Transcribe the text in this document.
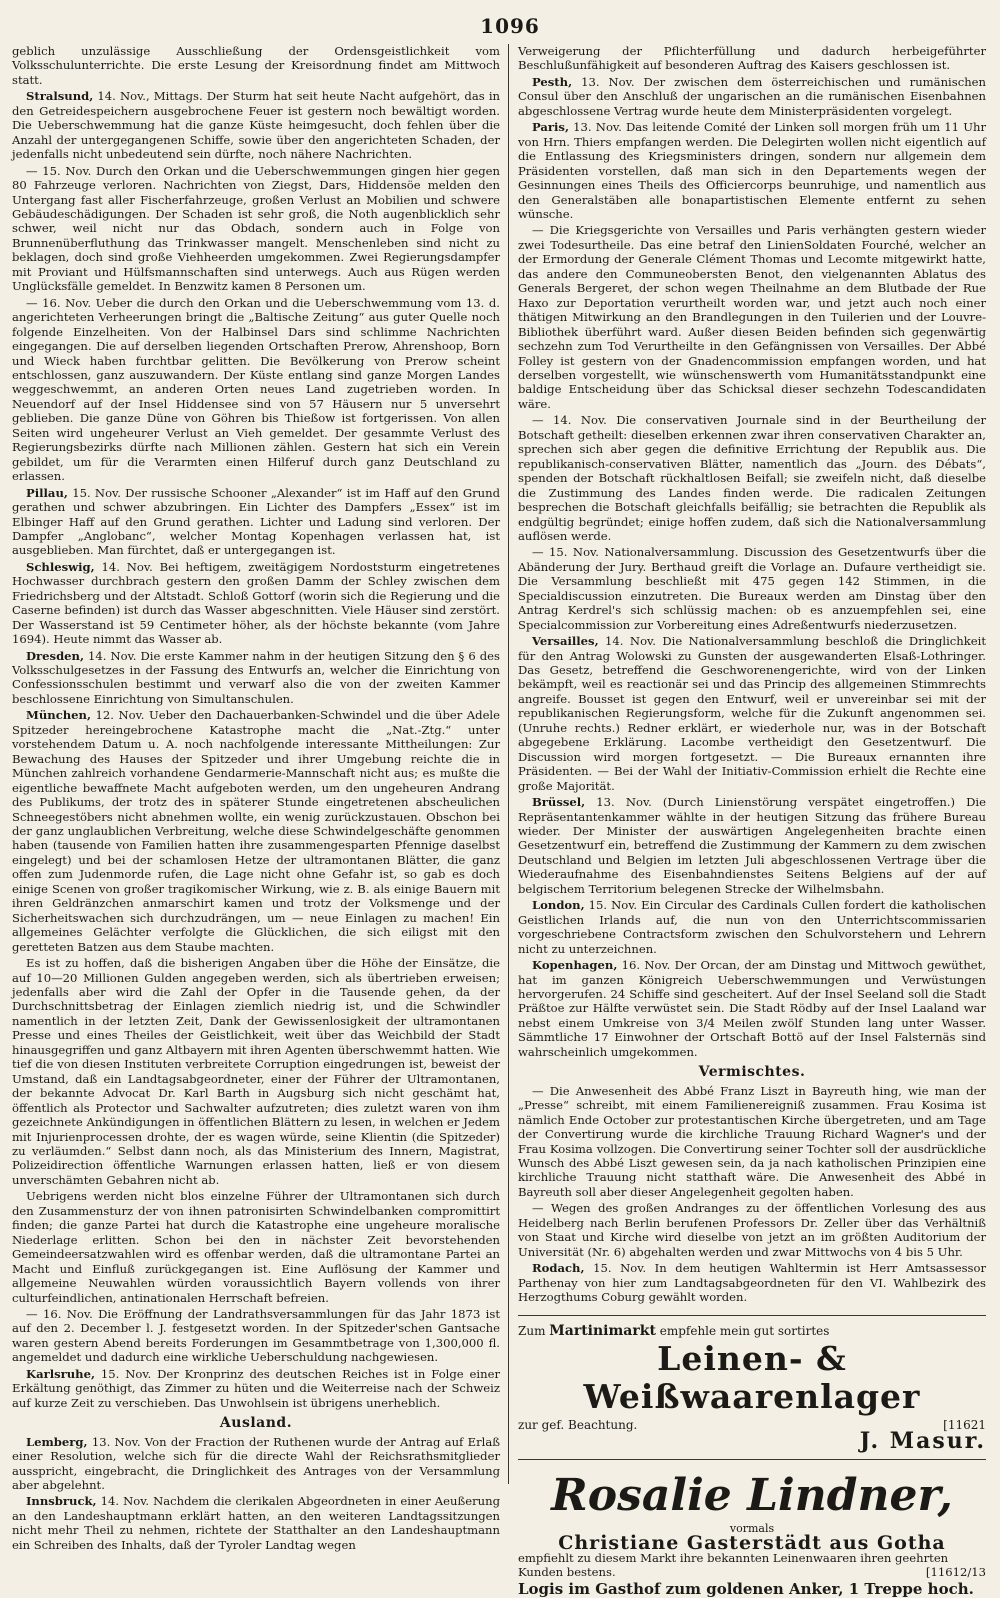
1096

geblich unzulässige Ausschließung der Ordensgeistlichkeit vom Volksschulunterrichte. Die erste Lesung der Kreisordnung findet am Mittwoch statt.

Stralsund, 14. Nov., Mittags. Der Sturm hat seit heute Nacht aufgehört, das in den Getreidespeichern ausgebrochene Feuer ist gestern noch bewältigt worden. Die Ueberschwemmung hat die ganze Küste heimgesucht, doch fehlen über die Anzahl der untergegangenen Schiffe, sowie über den angerichteten Schaden, der jedenfalls nicht unbedeutend sein dürfte, noch nähere Nachrichten.

— 15. Nov. Durch den Orkan und die Ueberschwemmungen gingen hier gegen 80 Fahrzeuge verloren. Nachrichten von Ziegst, Dars, Hiddensöe melden den Untergang fast aller Fischerfahrzeuge, großen Verlust an Mobilien und schwere Gebäudeschädigungen. Der Schaden ist sehr groß, die Noth augenblicklich sehr schwer, weil nicht nur das Obdach, sondern auch in Folge von Brunnenüberfluthung das Trinkwasser mangelt. Menschenleben sind nicht zu beklagen, doch sind große Viehheerden umgekommen. Zwei Regierungsdampfer mit Proviant und Hülfsmannschaften sind unterwegs. Auch aus Rügen werden Unglücksfälle gemeldet. In Benzwitz kamen 8 Personen um.

— 16. Nov. Ueber die durch den Orkan und die Ueberschwemmung vom 13. d. angerichteten Verheerungen bringt die „Baltische Zeitung“ aus guter Quelle noch folgende Einzelheiten. Von der Halbinsel Dars sind schlimme Nachrichten eingegangen. Die auf derselben liegenden Ortschaften Prerow, Ahrenshoop, Born und Wieck haben furchtbar gelitten. Die Bevölkerung von Prerow scheint entschlossen, ganz auszuwandern. Der Küste entlang sind ganze Morgen Landes weggeschwemmt, an anderen Orten neues Land zugetrieben worden. In Neuendorf auf der Insel Hiddensee sind von 57 Häusern nur 5 unversehrt geblieben. Die ganze Düne von Göhren bis Thießow ist fortgerissen. Von allen Seiten wird ungeheurer Verlust an Vieh gemeldet. Der gesammte Verlust des Regierungsbezirks dürfte nach Millionen zählen. Gestern hat sich ein Verein gebildet, um für die Verarmten einen Hilferuf durch ganz Deutschland zu erlassen.

Pillau, 15. Nov. Der russische Schooner „Alexander“ ist im Haff auf den Grund gerathen und schwer abzubringen. Ein Lichter des Dampfers „Essex“ ist im Elbinger Haff auf den Grund gerathen. Lichter und Ladung sind verloren. Der Dampfer „Anglobanc“, welcher Montag Kopenhagen verlassen hat, ist ausgeblieben. Man fürchtet, daß er untergegangen ist.

Schleswig, 14. Nov. Bei heftigem, zweitägigem Nordoststurm eingetretenes Hochwasser durchbrach gestern den großen Damm der Schley zwischen dem Friedrichsberg und der Altstadt. Schloß Gottorf (worin sich die Regierung und die Caserne befinden) ist durch das Wasser abgeschnitten. Viele Häuser sind zerstört. Der Wasserstand ist 59 Centimeter höher, als der höchste bekannte (vom Jahre 1694). Heute nimmt das Wasser ab.

Dresden, 14. Nov. Die erste Kammer nahm in der heutigen Sitzung den § 6 des Volksschulgesetzes in der Fassung des Entwurfs an, welcher die Einrichtung von Confessionsschulen bestimmt und verwarf also die von der zweiten Kammer beschlossene Einrichtung von Simultanschulen.

München, 12. Nov. Ueber den Dachauerbanken-Schwindel und die über Adele Spitzeder hereingebrochene Katastrophe macht die „Nat.-Ztg.“ unter vorstehendem Datum u. A. noch nachfolgende interessante Mittheilungen: Zur Bewachung des Hauses der Spitzeder und ihrer Umgebung reichte die in München zahlreich vorhandene Gendarmerie-Mannschaft nicht aus; es mußte die eigentliche bewaffnete Macht aufgeboten werden, um den ungeheuren Andrang des Publikums, der trotz des in späterer Stunde eingetretenen abscheulichen Schneegestöbers nicht abnehmen wollte, ein wenig zurückzustauen. Obschon bei der ganz unglaublichen Verbreitung, welche diese Schwindelgeschäfte genommen haben (tausende von Familien hatten ihre zusammengesparten Pfennige daselbst eingelegt) und bei der schamlosen Hetze der ultramontanen Blätter, die ganz offen zum Judenmorde rufen, die Lage nicht ohne Gefahr ist, so gab es doch einige Scenen von großer tragikomischer Wirkung, wie z. B. als einige Bauern mit ihren Geldränzchen anmarschirt kamen und trotz der Volksmenge und der Sicherheitswachen sich durchzudrängen, um — neue Einlagen zu machen! Ein allgemeines Gelächter verfolgte die Glücklichen, die sich eiligst mit den geretteten Batzen aus dem Staube machten.

Es ist zu hoffen, daß die bisherigen Angaben über die Höhe der Einsätze, die auf 10—20 Millionen Gulden angegeben werden, sich als übertrieben erweisen; jedenfalls aber wird die Zahl der Opfer in die Tausende gehen, da der Durchschnittsbetrag der Einlagen ziemlich niedrig ist, und die Schwindler namentlich in der letzten Zeit, Dank der Gewissenlosigkeit der ultramontanen Presse und eines Theiles der Geistlichkeit, weit über das Weichbild der Stadt hinausgegriffen und ganz Altbayern mit ihren Agenten überschwemmt hatten. Wie tief die von diesen Instituten verbreitete Corruption eingedrungen ist, beweist der Umstand, daß ein Landtagsabgeordneter, einer der Führer der Ultramontanen, der bekannte Advocat Dr. Karl Barth in Augsburg sich nicht geschämt hat, öffentlich als Protector und Sachwalter aufzutreten; dies zuletzt waren von ihm gezeichnete Ankündigungen in öffentlichen Blättern zu lesen, in welchen er Jedem mit Injurienprocessen drohte, der es wagen würde, seine Klientin (die Spitzeder) zu verläumden.“ Selbst dann noch, als das Ministerium des Innern, Magistrat, Polizeidirection öffentliche Warnungen erlassen hatten, ließ er von diesem unverschämten Gebahren nicht ab.

Uebrigens werden nicht blos einzelne Führer der Ultramontanen sich durch den Zusammensturz der von ihnen patronisirten Schwindelbanken compromittirt finden; die ganze Partei hat durch die Katastrophe eine ungeheure moralische Niederlage erlitten. Schon bei den in nächster Zeit bevorstehenden Gemeindeersatzwahlen wird es offenbar werden, daß die ultramontane Partei an Macht und Einfluß zurückgegangen ist. Eine Auflösung der Kammer und allgemeine Neuwahlen würden voraussichtlich Bayern vollends von ihrer culturfeindlichen, antinationalen Herrschaft befreien.

— 16. Nov. Die Eröffnung der Landrathsversammlungen für das Jahr 1873 ist auf den 2. December l. J. festgesetzt worden. In der Spitzeder'schen Gantsache waren gestern Abend bereits Forderungen im Gesammtbetrage von 1,300,000 fl. angemeldet und dadurch eine wirkliche Ueberschuldung nachgewiesen.

Karlsruhe, 15. Nov. Der Kronprinz des deutschen Reiches ist in Folge einer Erkältung genöthigt, das Zimmer zu hüten und die Weiterreise nach der Schweiz auf kurze Zeit zu verschieben. Das Unwohlsein ist übrigens unerheblich.

Ausland.

Lemberg, 13. Nov. Von der Fraction der Ruthenen wurde der Antrag auf Erlaß einer Resolution, welche sich für die directe Wahl der Reichsrathsmitglieder ausspricht, eingebracht, die Dringlichkeit des Antrages von der Versammlung aber abgelehnt.

Innsbruck, 14. Nov. Nachdem die clerikalen Abgeordneten in einer Aeußerung an den Landeshauptmann erklärt hatten, an den weiteren Landtagssitzungen nicht mehr Theil zu nehmen, richtete der Statthalter an den Landeshauptmann ein Schreiben des Inhalts, daß der Tyroler Landtag wegen

Verweigerung der Pflichterfüllung und dadurch herbeigeführter Beschlußunfähigkeit auf besonderen Auftrag des Kaisers geschlossen ist.

Pesth, 13. Nov. Der zwischen dem österreichischen und rumänischen Consul über den Anschluß der ungarischen an die rumänischen Eisenbahnen abgeschlossene Vertrag wurde heute dem Ministerpräsidenten vorgelegt.

Paris, 13. Nov. Das leitende Comité der Linken soll morgen früh um 11 Uhr von Hrn. Thiers empfangen werden. Die Delegirten wollen nicht eigentlich auf die Entlassung des Kriegsministers dringen, sondern nur allgemein dem Präsidenten vorstellen, daß man sich in den Departements wegen der Gesinnungen eines Theils des Officiercorps beunruhige, und namentlich aus den Generalstäben alle bonapartistischen Elemente entfernt zu sehen wünsche.

— Die Kriegsgerichte von Versailles und Paris verhängten gestern wieder zwei Todesurtheile. Das eine betraf den LinienSoldaten Fourché, welcher an der Ermordung der Generale Clément Thomas und Lecomte mitgewirkt hatte, das andere den Communeobersten Benot, den vielgenannten Ablatus des Generals Bergeret, der schon wegen Theilnahme an dem Blutbade der Rue Haxo zur Deportation verurtheilt worden war, und jetzt auch noch einer thätigen Mitwirkung an den Brandlegungen in den Tuilerien und der Louvre-Bibliothek überführt ward. Außer diesen Beiden befinden sich gegenwärtig sechzehn zum Tod Verurtheilte in den Gefängnissen von Versailles. Der Abbé Folley ist gestern von der Gnadencommission empfangen worden, und hat derselben vorgestellt, wie wünschenswerth vom Humanitätsstandpunkt eine baldige Entscheidung über das Schicksal dieser sechzehn Todescandidaten wäre.

— 14. Nov. Die conservativen Journale sind in der Beurtheilung der Botschaft getheilt: dieselben erkennen zwar ihren conservativen Charakter an, sprechen sich aber gegen die definitive Errichtung der Republik aus. Die republikanisch-conservativen Blätter, namentlich das „Journ. des Débats“, spenden der Botschaft rückhaltlosen Beifall; sie zweifeln nicht, daß dieselbe die Zustimmung des Landes finden werde. Die radicalen Zeitungen besprechen die Botschaft gleichfalls beifällig; sie betrachten die Republik als endgültig begründet; einige hoffen zudem, daß sich die Nationalversammlung auflösen werde.

— 15. Nov. Nationalversammlung. Discussion des Gesetzentwurfs über die Abänderung der Jury. Berthaud greift die Vorlage an. Dufaure vertheidigt sie. Die Versammlung beschließt mit 475 gegen 142 Stimmen, in die Specialdiscussion einzutreten. Die Bureaux werden am Dinstag über den Antrag Kerdrel's sich schlüssig machen: ob es anzuempfehlen sei, eine Specialcommission zur Vorbereitung eines Adreßentwurfs niederzusetzen.

Versailles, 14. Nov. Die Nationalversammlung beschloß die Dringlichkeit für den Antrag Wolowski zu Gunsten der ausgewanderten Elsaß-Lothringer. Das Gesetz, betreffend die Geschworenengerichte, wird von der Linken bekämpft, weil es reactionär sei und das Princip des allgemeinen Stimmrechts angreife. Bousset ist gegen den Entwurf, weil er unvereinbar sei mit der republikanischen Regierungsform, welche für die Zukunft angenommen sei. (Unruhe rechts.) Redner erklärt, er wiederhole nur, was in der Botschaft abgegebene Erklärung. Lacombe vertheidigt den Gesetzentwurf. Die Discussion wird morgen fortgesetzt. — Die Bureaux ernannten ihre Präsidenten. — Bei der Wahl der Initiativ-Commission erhielt die Rechte eine große Majorität.

Brüssel, 13. Nov. (Durch Linienstörung verspätet eingetroffen.) Die Repräsentantenkammer wählte in der heutigen Sitzung das frühere Bureau wieder. Der Minister der auswärtigen Angelegenheiten brachte einen Gesetzentwurf ein, betreffend die Zustimmung der Kammern zu dem zwischen Deutschland und Belgien im letzten Juli abgeschlossenen Vertrage über die Wiederaufnahme des Eisenbahndienstes Seitens Belgiens auf der auf belgischem Territorium belegenen Strecke der Wilhelmsbahn.

London, 15. Nov. Ein Circular des Cardinals Cullen fordert die katholischen Geistlichen Irlands auf, die nun von den Unterrichtscommissarien vorgeschriebene Contractsform zwischen den Schulvorstehern und Lehrern nicht zu unterzeichnen.

Kopenhagen, 16. Nov. Der Orcan, der am Dinstag und Mittwoch gewüthet, hat im ganzen Königreich Ueberschwemmungen und Verwüstungen hervorgerufen. 24 Schiffe sind gescheitert. Auf der Insel Seeland soll die Stadt Präßtoe zur Hälfte verwüstet sein. Die Stadt Rödby auf der Insel Laaland war nebst einem Umkreise von 3/4 Meilen zwölf Stunden lang unter Wasser. Sämmtliche 17 Einwohner der Ortschaft Bottö auf der Insel Falsternäs sind wahrscheinlich umgekommen.

Vermischtes.

— Die Anwesenheit des Abbé Franz Liszt in Bayreuth hing, wie man der „Presse“ schreibt, mit einem Familienereigniß zusammen. Frau Kosima ist nämlich Ende October zur protestantischen Kirche übergetreten, und am Tage der Convertirung wurde die kirchliche Trauung Richard Wagner's und der Frau Kosima vollzogen. Die Convertirung seiner Tochter soll der ausdrückliche Wunsch des Abbé Liszt gewesen sein, da ja nach katholischen Prinzipien eine kirchliche Trauung nicht statthaft wäre. Die Anwesenheit des Abbé in Bayreuth soll aber dieser Angelegenheit gegolten haben.

— Wegen des großen Andranges zu der öffentlichen Vorlesung des aus Heidelberg nach Berlin berufenen Professors Dr. Zeller über das Verhältniß von Staat und Kirche wird dieselbe von jetzt an im größten Auditorium der Universität (Nr. 6) abgehalten werden und zwar Mittwochs von 4 bis 5 Uhr.

Rodach, 15. Nov. In dem heutigen Wahltermin ist Herr Amtsassessor Parthenay von hier zum Landtagsabgeordneten für den VI. Wahlbezirk des Herzogthums Coburg gewählt worden.

Zum Martinimarkt empfehle mein gut sortirtes
Leinen- & Weißwaarenlager
zur gef. Beachtung.	[11621
J. Masur.
Rosalie Lindner,
vormals
Christiane Gasterstädt aus Gotha
empfiehlt zu diesem Markt ihre bekannten Leinenwaaren ihren geehrten Kunden bestens.	[11612/13
Logis im Gasthof zum goldenen Anker, 1 Treppe hoch.
